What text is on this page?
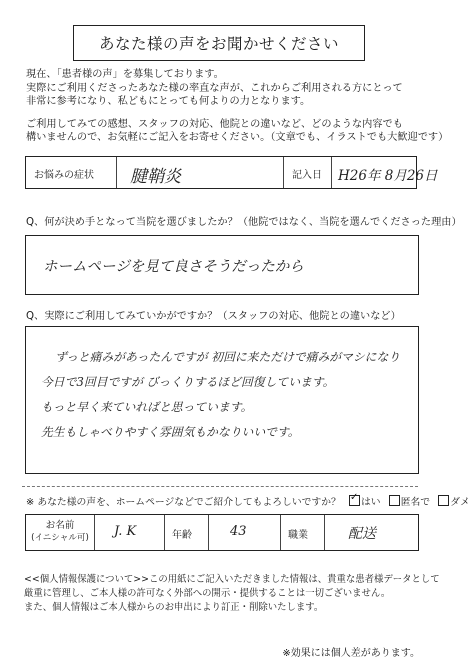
あなた様の声をお聞かせください

現在、「患者様の声」を募集しております。
実際にご利用くださったあなた様の率直な声が、これからご利用される方にとって
非常に参考になり、私どもにとっても何よりの力となります。

ご利用してみての感想、スタッフの対応、他院との違いなど、どのような内容でも
構いませんので、お気軽にご記入をお寄せください。（文章でも、イラストでも大歓迎です）

お悩みの症状 腱鞘炎	記入日 H26年 8月26日
Q、何が決め手となって当院を選びましたか？（他院ではなく、当院を選んでくださった理由）
ホームページを見て良さそうだったから
Q、実際にご利用してみていかがですか？（スタッフの対応、他院との違いなど）
ずっと痛みがあったんですが 初回に来ただけで痛みがマシになり
今日で3回目ですが びっくりするほど回復しています。
もっと早く来ていればと思っています。
先生もしゃべりやすく雰囲気もかなりいいです。
※ あなた様の声を、ホームページなどでご紹介してもよろしいですか？ ✓ はい 匿名で ダメ
お名前
(イニシャル可)	J. K	年齢	43	職業	配送
<<個人情報保護について>>この用紙にご記入いただきました情報は、貴重な患者様データとして
厳重に管理し、ご本人様の許可なく外部への開示・提供することは一切ございません。
また、個人情報はご本人様からのお申出により訂正・削除いたします。
※効果には個人差があります。
